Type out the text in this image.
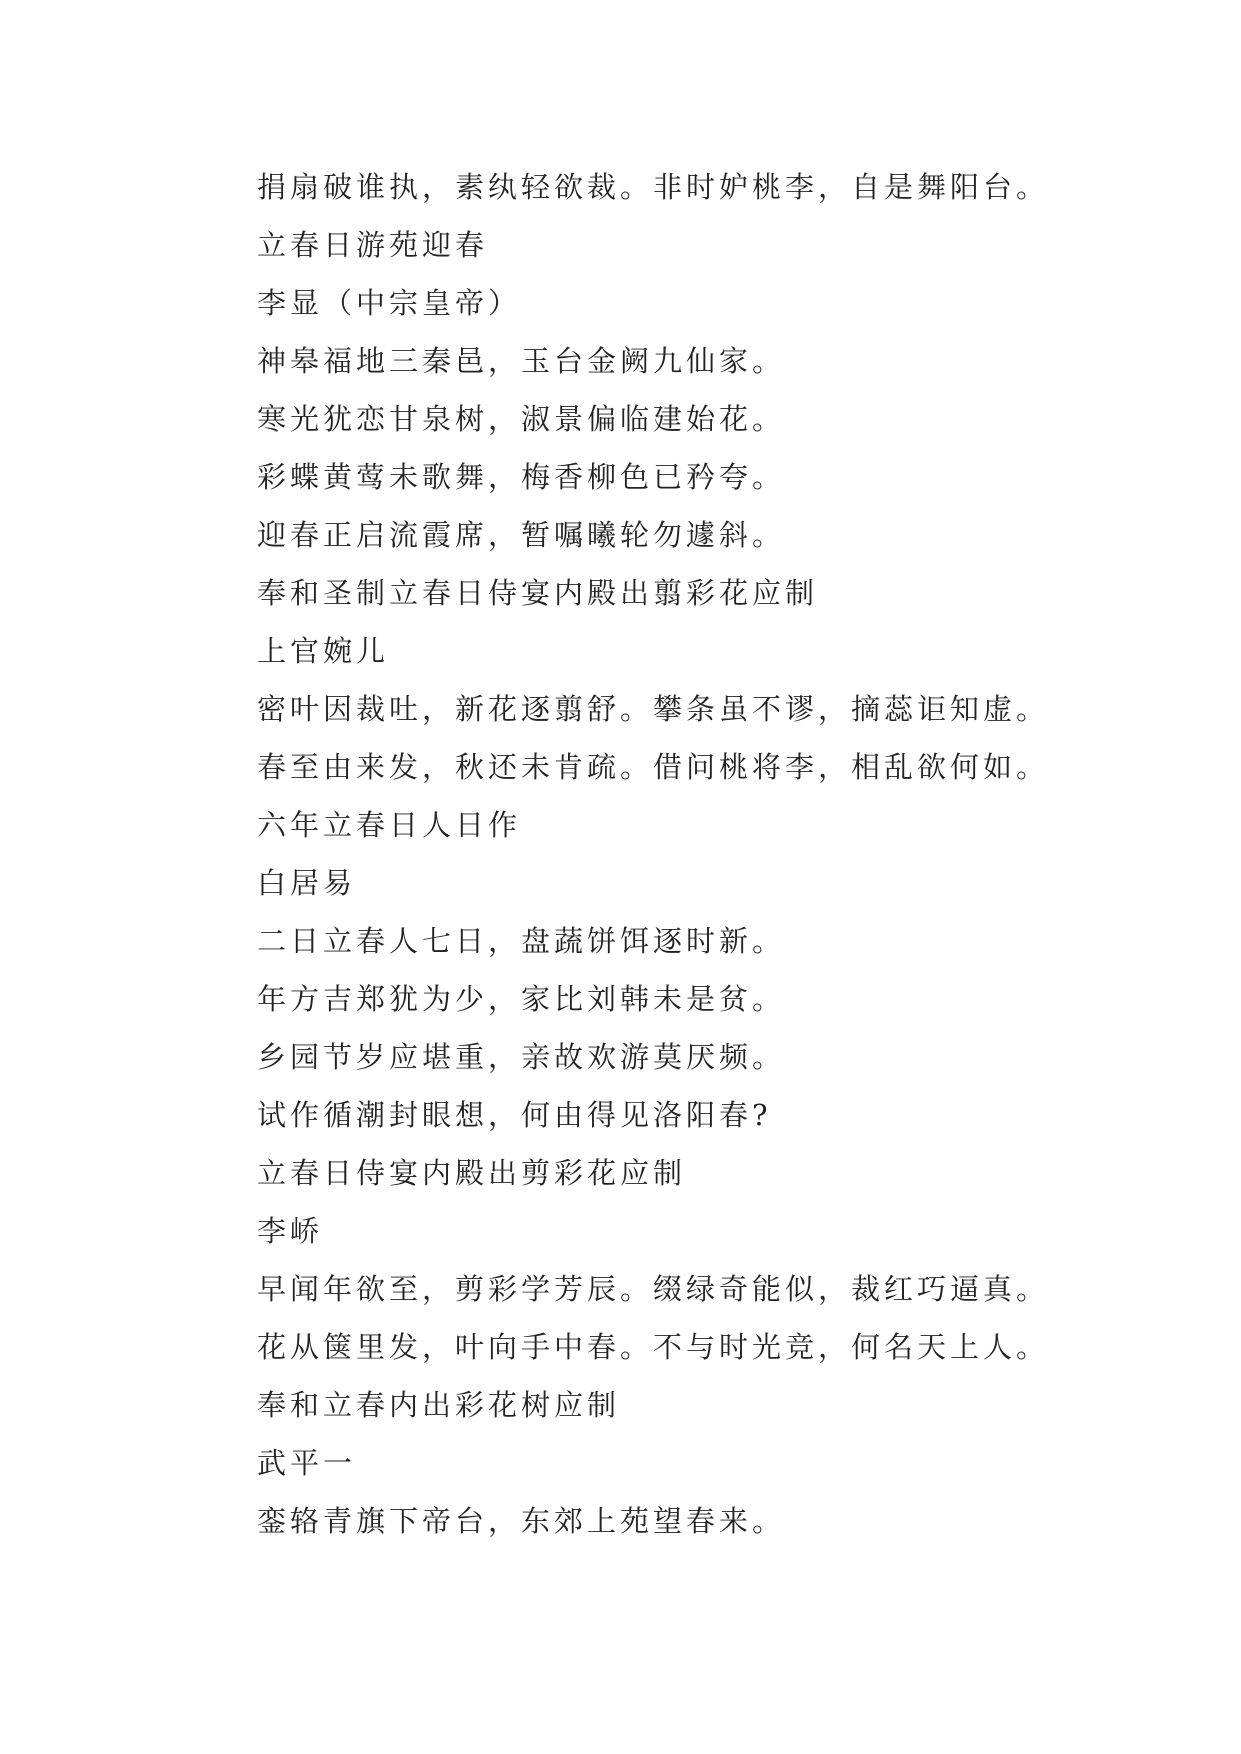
捐扇破谁执，素纨轻欲裁。非时妒桃李，自是舞阳台。
立春日游苑迎春
李显（中宗皇帝）
神皋福地三秦邑，玉台金阙九仙家。
寒光犹恋甘泉树，淑景偏临建始花。
彩蝶黄莺未歌舞，梅香柳色已矜夸。
迎春正启流霞席，暂嘱曦轮勿遽斜。
奉和圣制立春日侍宴内殿出翦彩花应制
上官婉儿
密叶因裁吐，新花逐翦舒。攀条虽不谬，摘蕊讵知虚。
春至由来发，秋还未肯疏。借问桃将李，相乱欲何如。
六年立春日人日作
白居易
二日立春人七日，盘蔬饼饵逐时新。
年方吉郑犹为少，家比刘韩未是贫。
乡园节岁应堪重，亲故欢游莫厌频。
试作循潮封眼想，何由得见洛阳春?
立春日侍宴内殿出剪彩花应制
李峤
早闻年欲至，剪彩学芳辰。缀绿奇能似，裁红巧逼真。
花从箧里发，叶向手中春。不与时光竞，何名天上人。
奉和立春内出彩花树应制
武平一
銮辂青旗下帝台，东郊上苑望春来。
